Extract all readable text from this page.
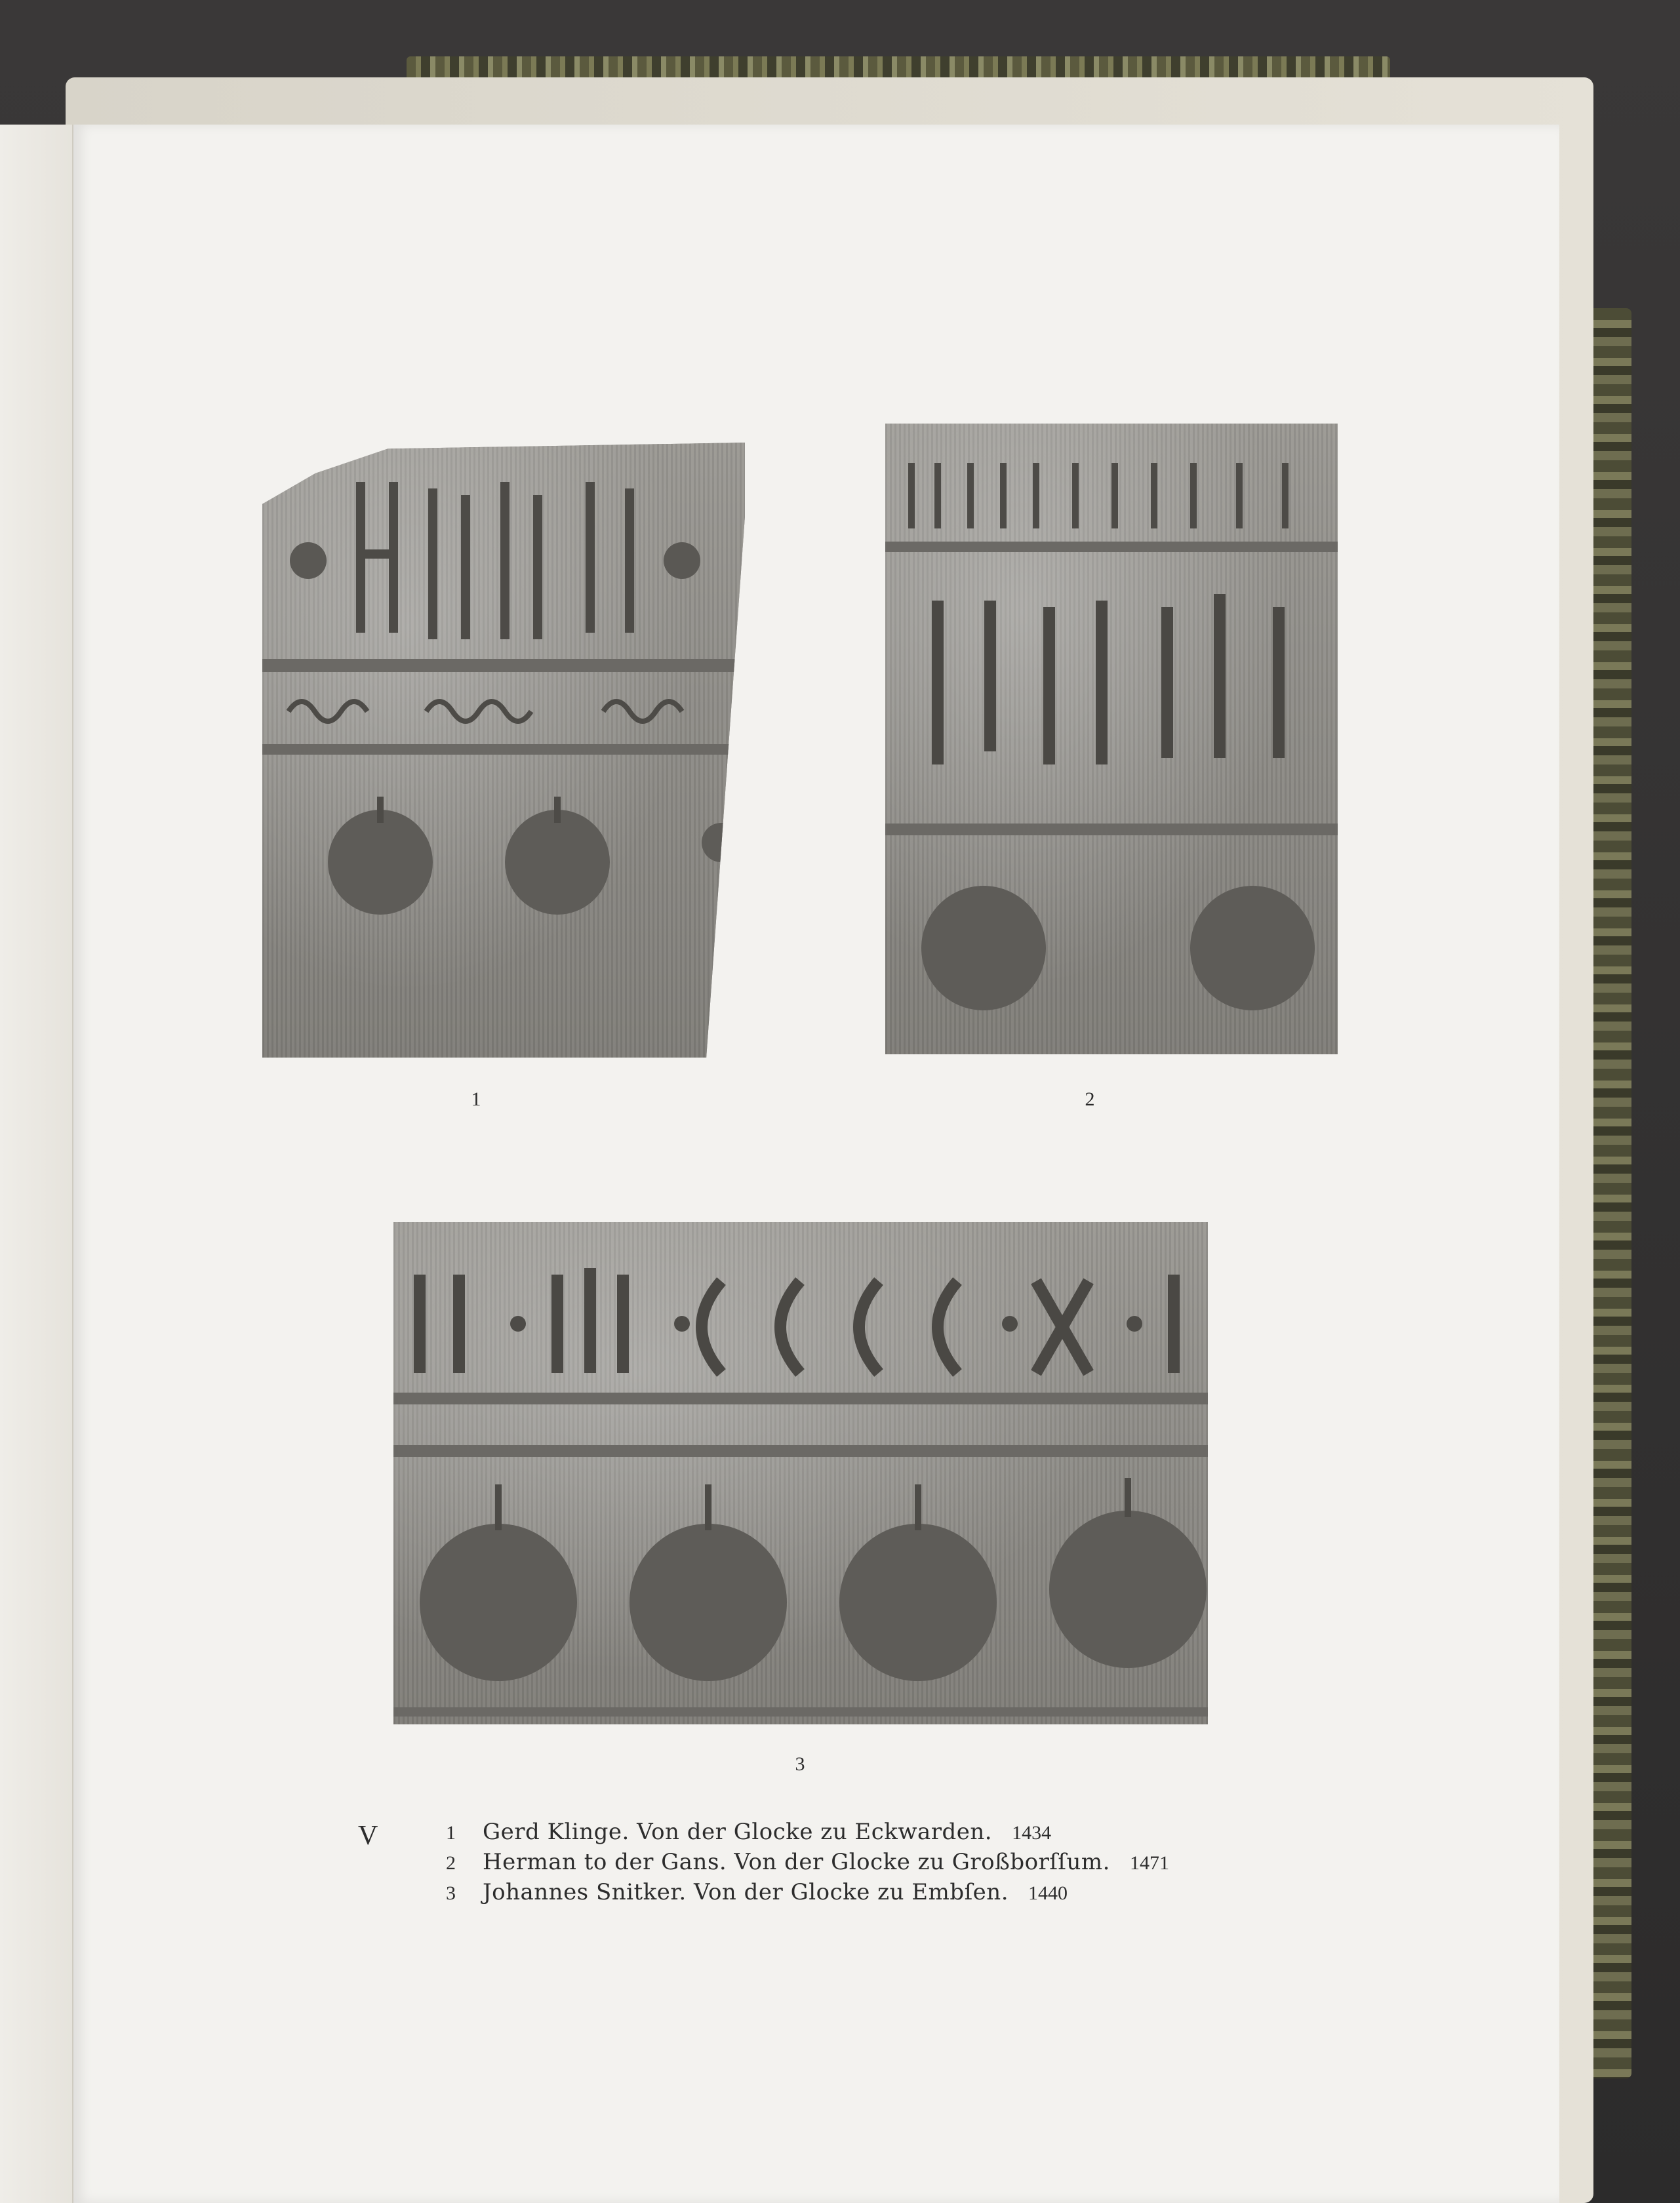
1	2
3
V	1	Gerd Klinge. Von der Glocke zu Eckwarden. 1434
2	Herman to der Gans. Von der Glocke zu Großborſſum. 1471
3	Johannes Snitker. Von der Glocke zu Embſen. 1440
